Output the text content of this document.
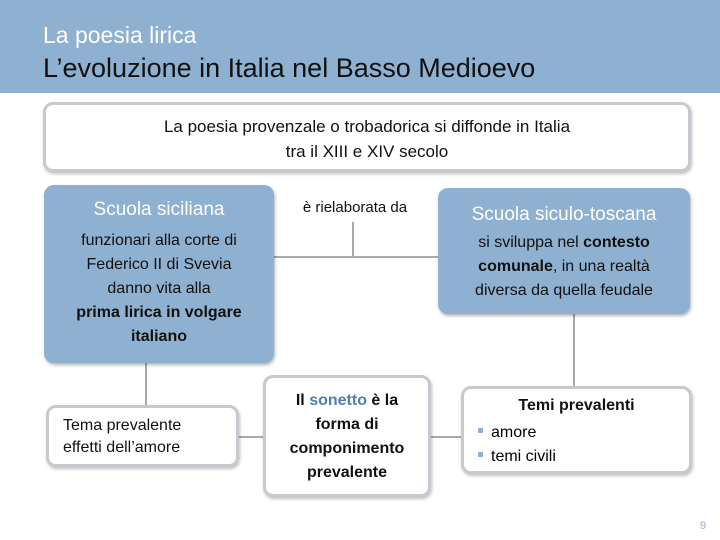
La poesia lirica
L’evoluzione in Italia nel Basso Medioevo
La poesia provenzale o trobadorica si diffonde in Italia
tra il XIII e XIV secolo
Scuola siciliana
funzionari alla corte di
Federico II di Svevia
danno vita alla
prima lirica in volgare
italiano
è rielaborata da	Scuola siculo-toscana
si sviluppa nel contesto
comunale, in una realtà
diversa da quella feudale
Tema prevalente
effetti dell’amore
Il sonetto è la
forma di
componimento
prevalente
Temi prevalenti
amore
temi civili
9
